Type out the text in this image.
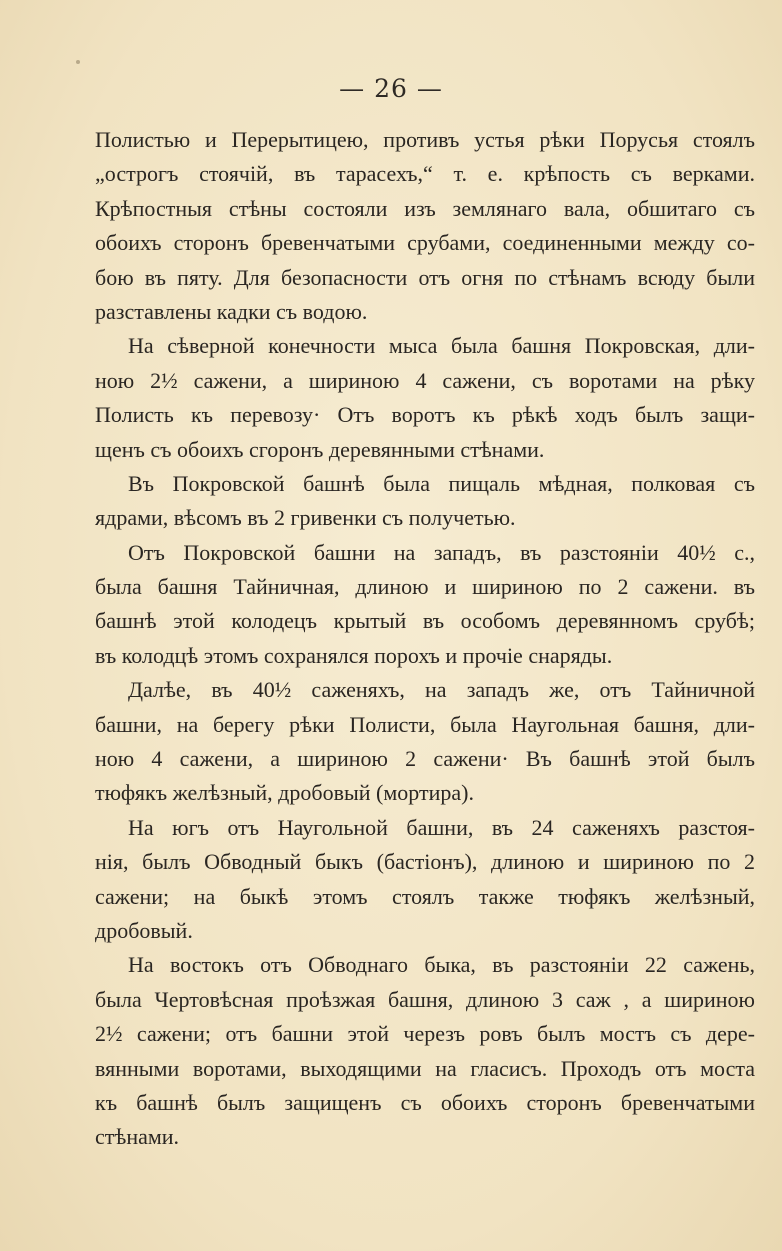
— 26 —
Полистью и Перерытицею, противъ устья рѣки Порусья стоялъ
„острогъ стоячій, въ тарасехъ,“ т. е. крѣпость съ верками.
Крѣпостныя стѣны состояли изъ землянаго вала, обшитаго съ
обоихъ сторонъ бревенчатыми срубами, соединенными между со-
бою въ пяту. Для безопасности отъ огня по стѣнамъ всюду были
разставлены кадки съ водою.
На сѣверной конечности мыса была башня Покровская, дли-
ною 2½ сажени, а шириною 4 сажени, съ воротами на рѣку
Полисть къ перевозу· Отъ воротъ къ рѣкѣ ходъ былъ защи-
щенъ съ обоихъ сгоронъ деревянными стѣнами.
Въ Покровской башнѣ была пищаль мѣдная, полковая съ
ядрами, вѣсомъ въ 2 гривенки съ получетью.
Отъ Покровской башни на западъ, въ разстояніи 40½ с.,
была башня Тайничная, длиною и шириною по 2 сажени. въ
башнѣ этой колодецъ крытый въ особомъ деревянномъ срубѣ;
въ колодцѣ этомъ сохранялся порохъ и прочіе снаряды.
Далѣе, въ 40½ саженяхъ, на западъ же, отъ Тайничной
башни, на берегу рѣки Полисти, была Наугольная башня, дли-
ною 4 сажени, а шириною 2 сажени· Въ башнѣ этой былъ
тюфякъ желѣзный, дробовый (мортира).
На югъ отъ Наугольной башни, въ 24 саженяхъ разстоя-
нія, былъ Обводный быкъ (бастіонъ), длиною и шириною по 2
сажени; на быкѣ этомъ стоялъ также тюфякъ желѣзный,
дробовый.
На востокъ отъ Обводнаго быка, въ разстояніи 22 сажень,
была Чертовѣсная проѣзжая башня, длиною 3 саж , а шириною
2½ сажени; отъ башни этой черезъ ровъ былъ мостъ съ дере-
вянными воротами, выходящими на гласисъ. Проходъ отъ моста
къ башнѣ былъ защищенъ съ обоихъ сторонъ бревенчатыми
стѣнами.
